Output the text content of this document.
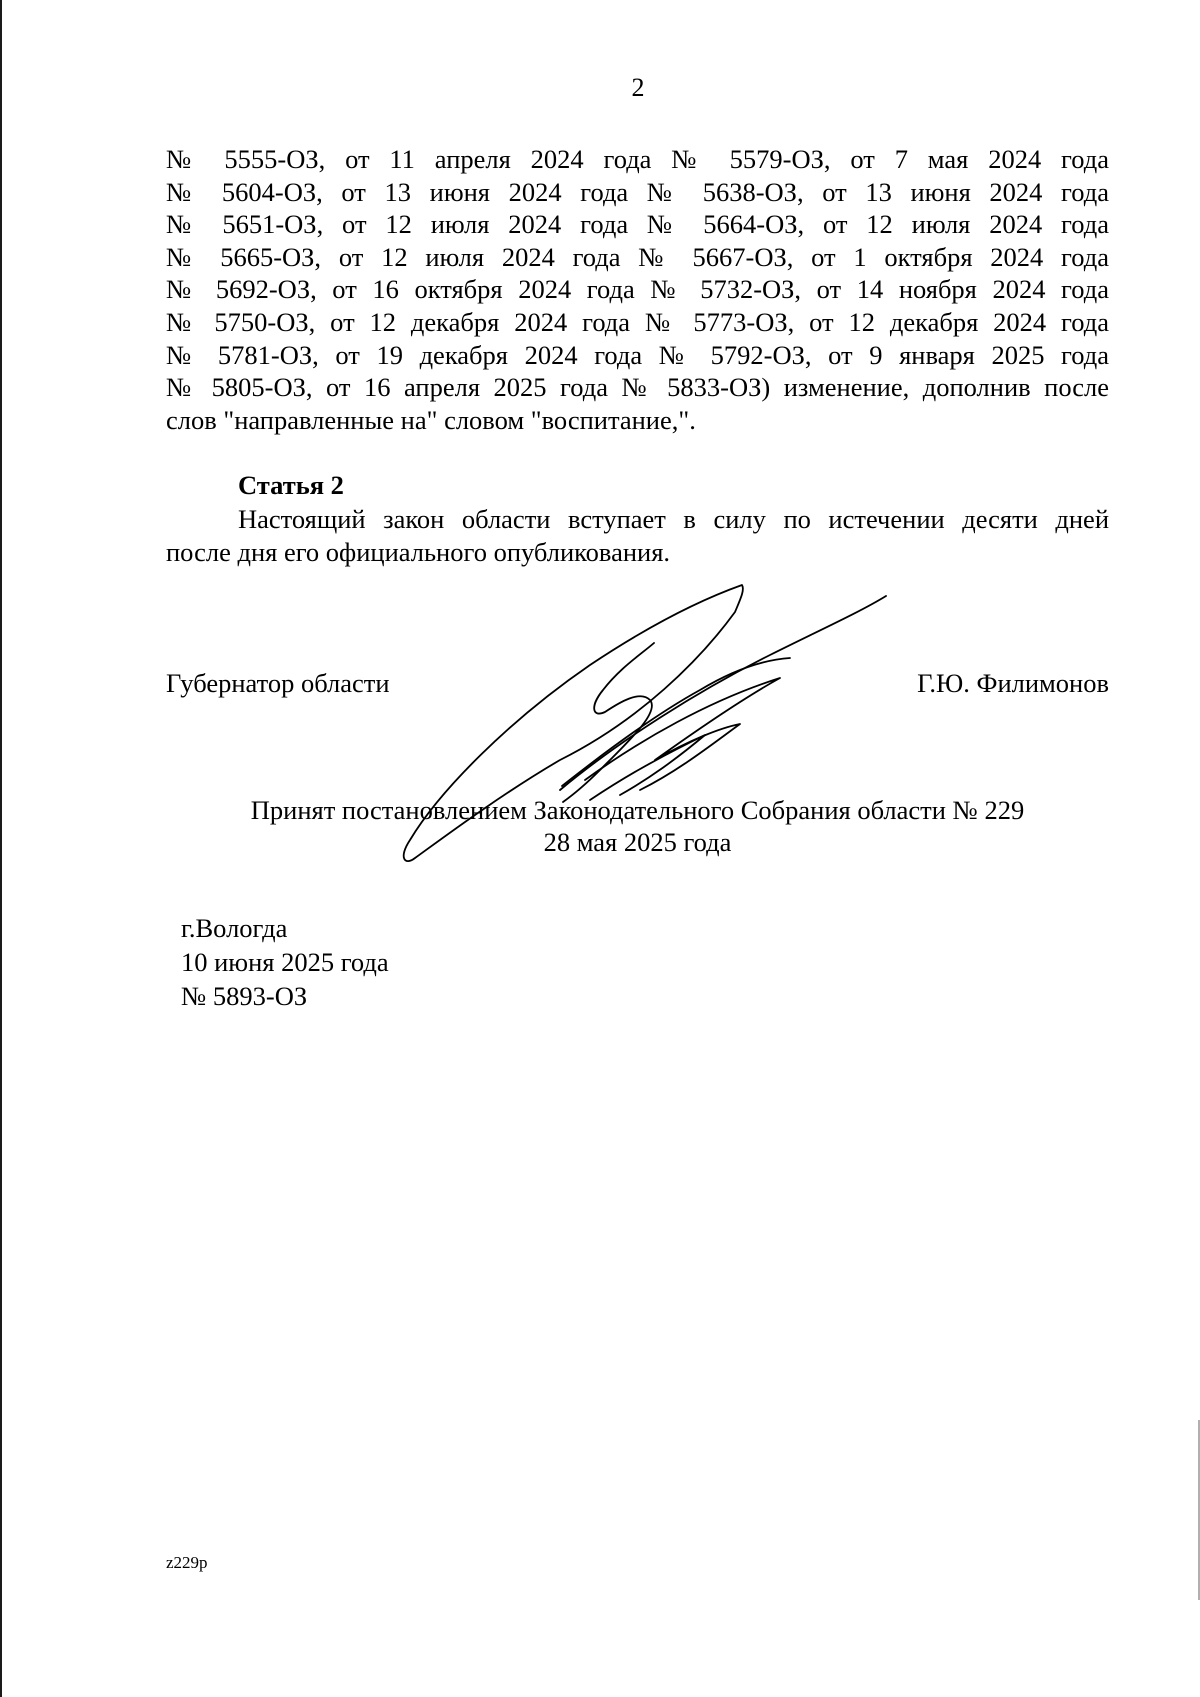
2
№ 5555-ОЗ, от 11 апреля 2024 года № 5579-ОЗ, от 7 мая 2024 года
№ 5604-ОЗ, от 13 июня 2024 года № 5638-ОЗ, от 13 июня 2024 года
№ 5651-ОЗ, от 12 июля 2024 года № 5664-ОЗ, от 12 июля 2024 года
№ 5665-ОЗ, от 12 июля 2024 года № 5667-ОЗ, от 1 октября 2024 года
№ 5692-ОЗ, от 16 октября 2024 года № 5732-ОЗ, от 14 ноября 2024 года
№ 5750-ОЗ, от 12 декабря 2024 года № 5773-ОЗ, от 12 декабря 2024 года
№ 5781-ОЗ, от 19 декабря 2024 года № 5792-ОЗ, от 9 января 2025 года
№ 5805-ОЗ, от 16 апреля 2025 года № 5833-ОЗ) изменение, дополнив после
слов "направленные на" словом "воспитание,".
Статья 2
Настоящий закон области вступает в силу по истечении десяти дней
после дня его официального опубликования.
Губернатор области	Г.Ю. Филимонов
Принят постановлением Законодательного Собрания области № 229
28 мая 2025 года
г.Вологда
10 июня 2025 года
№ 5893-ОЗ
z229p
